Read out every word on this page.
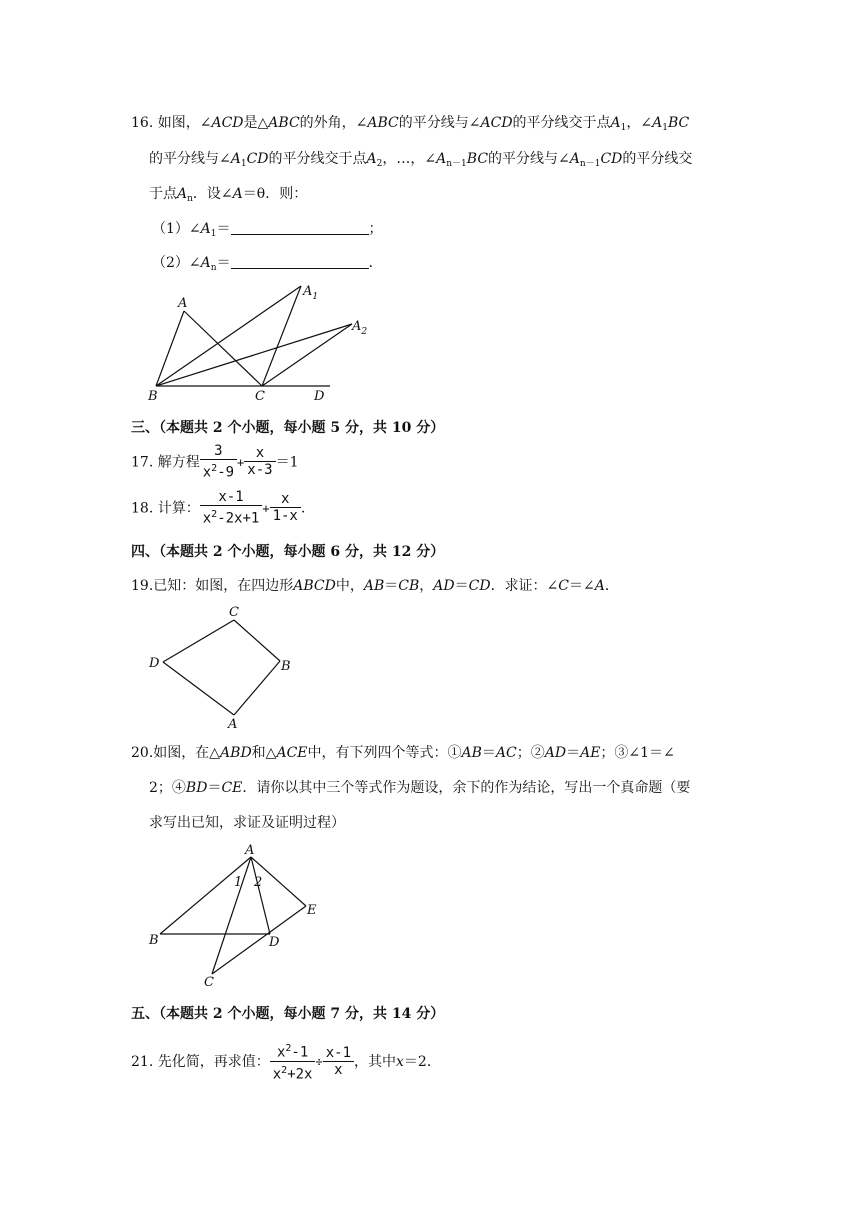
16. 如图，∠ACD是△ABC的外角，∠ABC的平分线与∠ACD的平分线交于点$A_1$，$\angle A_1BC$
的平分线与$\angle A_1CD$的平分线交于点$A_2$，…，$\angle A_{n-1}BC$的平分线与$\angle A_{n-1}CD$的平分线交
于点$A_n$．设∠A＝θ．则：
$(1)\angle A_1=$	；
$(2)\angle A_n=$	．
A
$A_1$
$A_2$
B	C	D
三、（本题共 2 个小题，每小题 5 分，共 10 分）
17. 解方程 $\frac{3}{x^2-9} + \frac{x}{x-3} =1$
18. 计算： $\frac{x-1}{x^2-2x+1} + \frac{x}{1-x}$ .
四、（本题共 2 个小题，每小题 6 分，共 12 分）
19.已知：如图，在四边形ABCD中，AB＝CB，AD＝CD．求证：∠C＝∠A．
C
B
A
D
20.如图，在△ABD和△ACE中，有下列四个等式：①AB＝AC；②AD＝AE；③∠1＝∠
2；④BD＝CE．请你以其中三个等式作为题设，余下的作为结论，写出一个真命题（要
求写出已知，求证及证明过程）
A
B
C
D
E
1 2
五、（本题共 2 个小题，每小题 7 分，共 14 分）
21. 先化简，再求值： $\frac{x^2-1}{x^2+2x} \div \frac{x-1}{x}$ ，其中x＝2．
